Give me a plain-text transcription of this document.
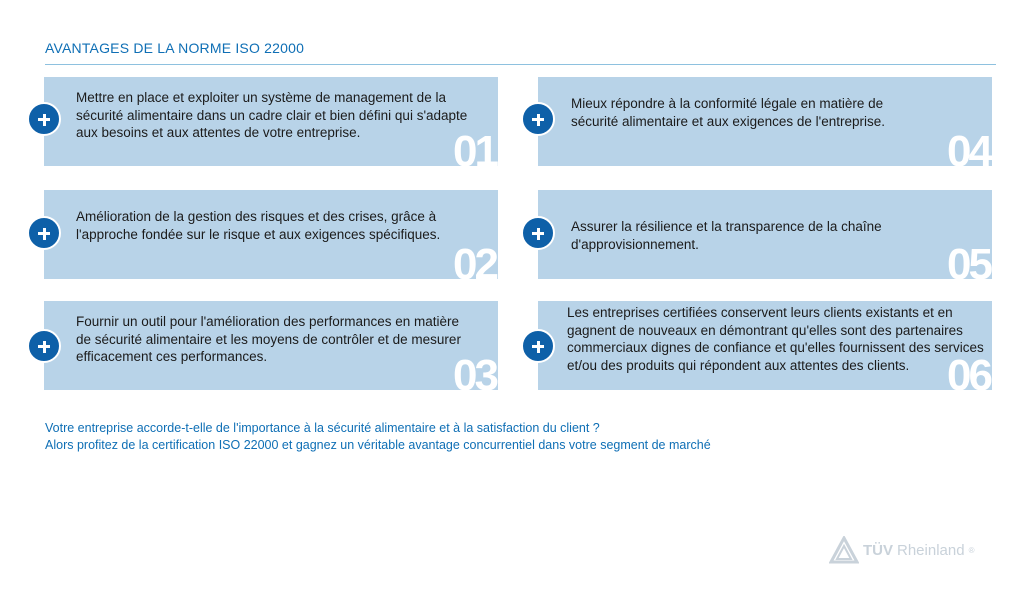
AVANTAGES DE LA NORME ISO 22000
Mettre en place et exploiter un système de management de la sécurité alimentaire dans un cadre clair et bien défini qui s'adapte aux besoins et aux attentes de votre entreprise.	01
Amélioration de la gestion des risques et des crises, grâce à l'approche fondée sur le risque et aux exigences spécifiques.
02
Fournir un outil pour l'amélioration des performances en matière de sécurité alimentaire et les moyens de contrôler et de mesurer efficacement ces performances.	03
Mieux répondre à la conformité légale en matière de sécurité alimentaire et aux exigences de l'entreprise.
04
Assurer la résilience et la transparence de la chaîne d'approvisionnement.	05
Les entreprises certifiées conservent leurs clients existants et en gagnent de nouveaux en démontrant qu'elles sont des partenaires commerciaux dignes de confiance et qu'elles fournissent des services et/ou des produits qui répondent aux attentes des clients. 06
Votre entreprise accorde-t-elle de l'importance à la sécurité alimentaire et à la satisfaction du client ?
Alors profitez de la certification ISO 22000 et gagnez un véritable avantage concurrentiel dans votre segment de marché
TÜV Rheinland ®
